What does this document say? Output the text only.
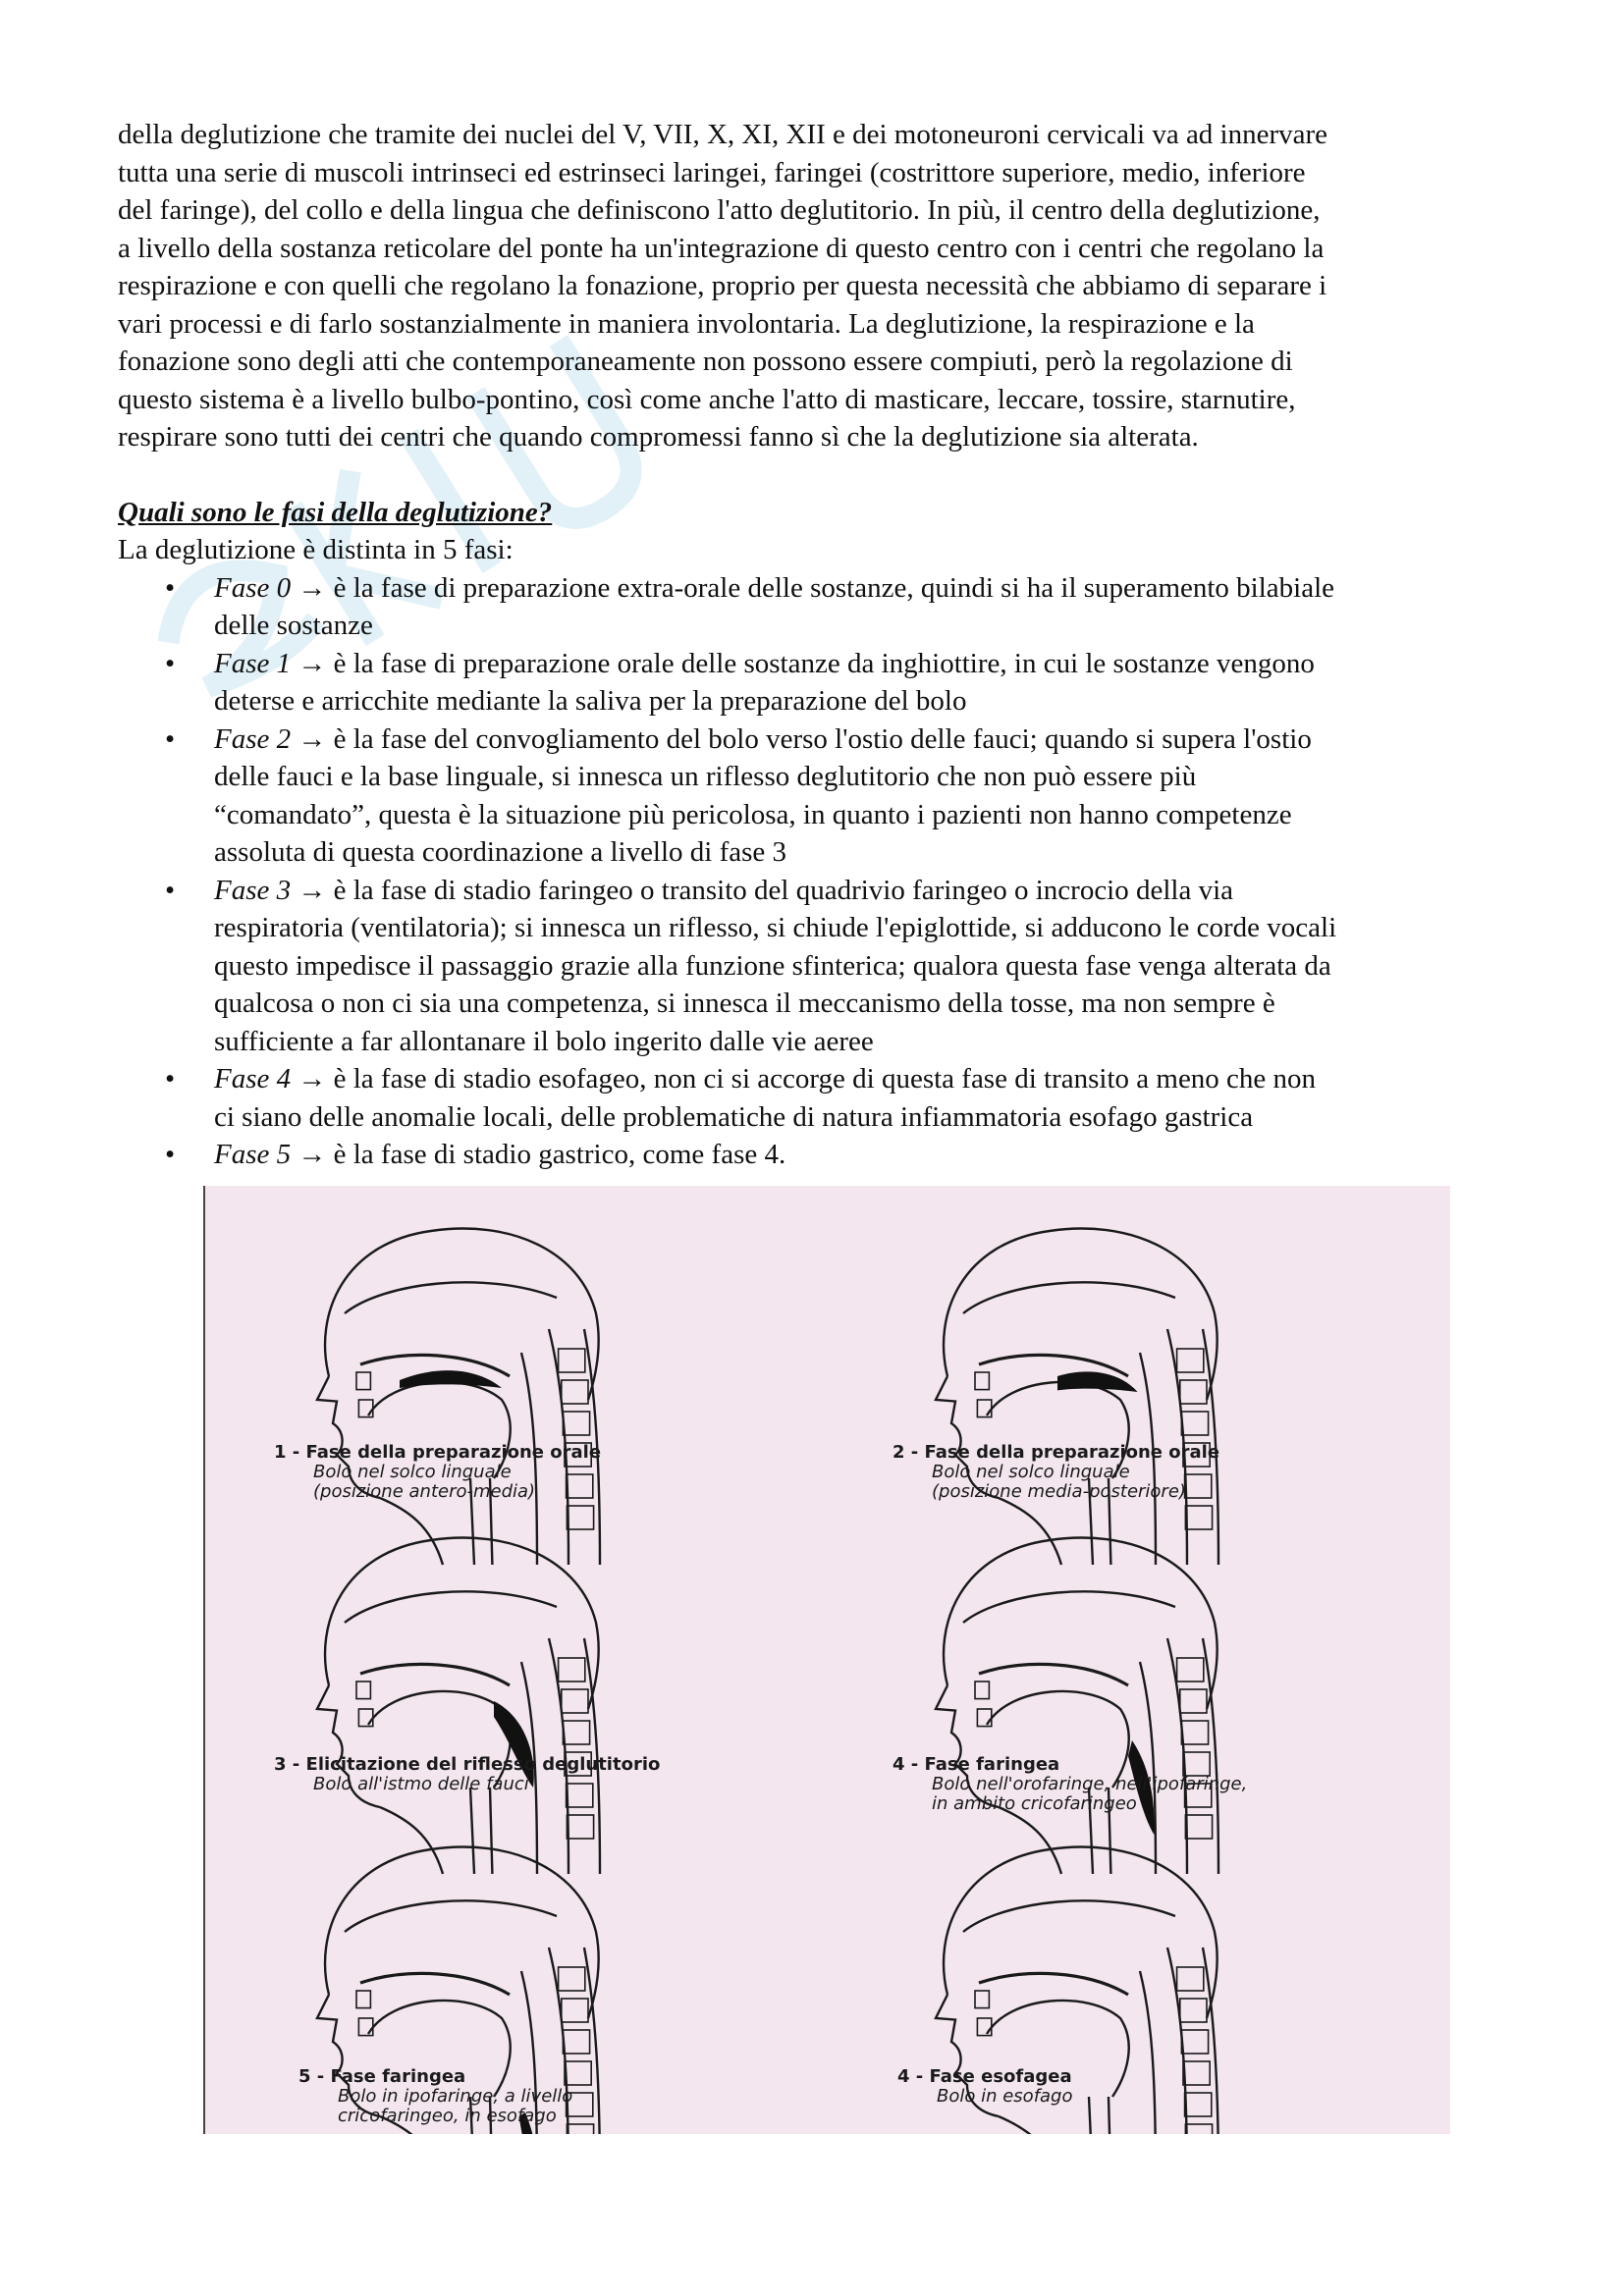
della deglutizione che tramite dei nuclei del V, VII, X, XI, XII e dei motoneuroni cervicali va ad innervare

tutta una serie di muscoli intrinseci ed estrinseci laringei, faringei (costrittore superiore, medio, inferiore

del faringe), del collo e della lingua che definiscono l'atto deglutitorio. In più, il centro della deglutizione,

a livello della sostanza reticolare del ponte ha un'integrazione di questo centro con i centri che regolano la

respirazione e con quelli che regolano la fonazione, proprio per questa necessità che abbiamo di separare i

vari processi e di farlo sostanzialmente in maniera involontaria. La deglutizione, la respirazione e la

fonazione sono degli atti che contemporaneamente non possono essere compiuti, però la regolazione di

questo sistema è a livello bulbo-pontino, così come anche l'atto di masticare, leccare, tossire, starnutire,

respirare sono tutti dei centri che quando compromessi fanno sì che la deglutizione sia alterata.

Quali sono le fasi della deglutizione?

La deglutizione è distinta in 5 fasi:

• Fase 0 → è la fase di preparazione extra-orale delle sostanze, quindi si ha il superamento bilabiale
delle sostanze
• Fase 1 → è la fase di preparazione orale delle sostanze da inghiottire, in cui le sostanze vengono
deterse e arricchite mediante la saliva per la preparazione del bolo
• Fase 2 → è la fase del convogliamento del bolo verso l'ostio delle fauci; quando si supera l'ostio
delle fauci e la base linguale, si innesca un riflesso deglutitorio che non può essere più
“comandato”, questa è la situazione più pericolosa, in quanto i pazienti non hanno competenze
assoluta di questa coordinazione a livello di fase 3
• Fase 3 → è la fase di stadio faringeo o transito del quadrivio faringeo o incrocio della via
respiratoria (ventilatoria); si innesca un riflesso, si chiude l'epiglottide, si adducono le corde vocali
questo impedisce il passaggio grazie alla funzione sfinterica; qualora questa fase venga alterata da
qualcosa o non ci sia una competenza, si innesca il meccanismo della tosse, ma non sempre è
sufficiente a far allontanare il bolo ingerito dalle vie aeree
• Fase 4 → è la fase di stadio esofageo, non ci si accorge di questa fase di transito a meno che non
ci siano delle anomalie locali, delle problematiche di natura infiammatoria esofago gastrica
• Fase 5 → è la fase di stadio gastrico, come fase 4.
1 - Fase della preparazione orale
Bolo nel solco linguale
(posizione antero-media)
2 - Fase della preparazione orale
Bolo nel solco linguale
(posizione media-posteriore)
3 - Elicitazione del riflesso deglutitorio
Bolo all'istmo delle fauci
4 - Fase faringea
Bolo nell'orofaringe, nell'ipofaringe,
in ambito cricofaringeo
5 - Fase faringea
Bolo in ipofaringe, a livello
cricofaringeo, in esofago
4 - Fase esofagea
Bolo in esofago
